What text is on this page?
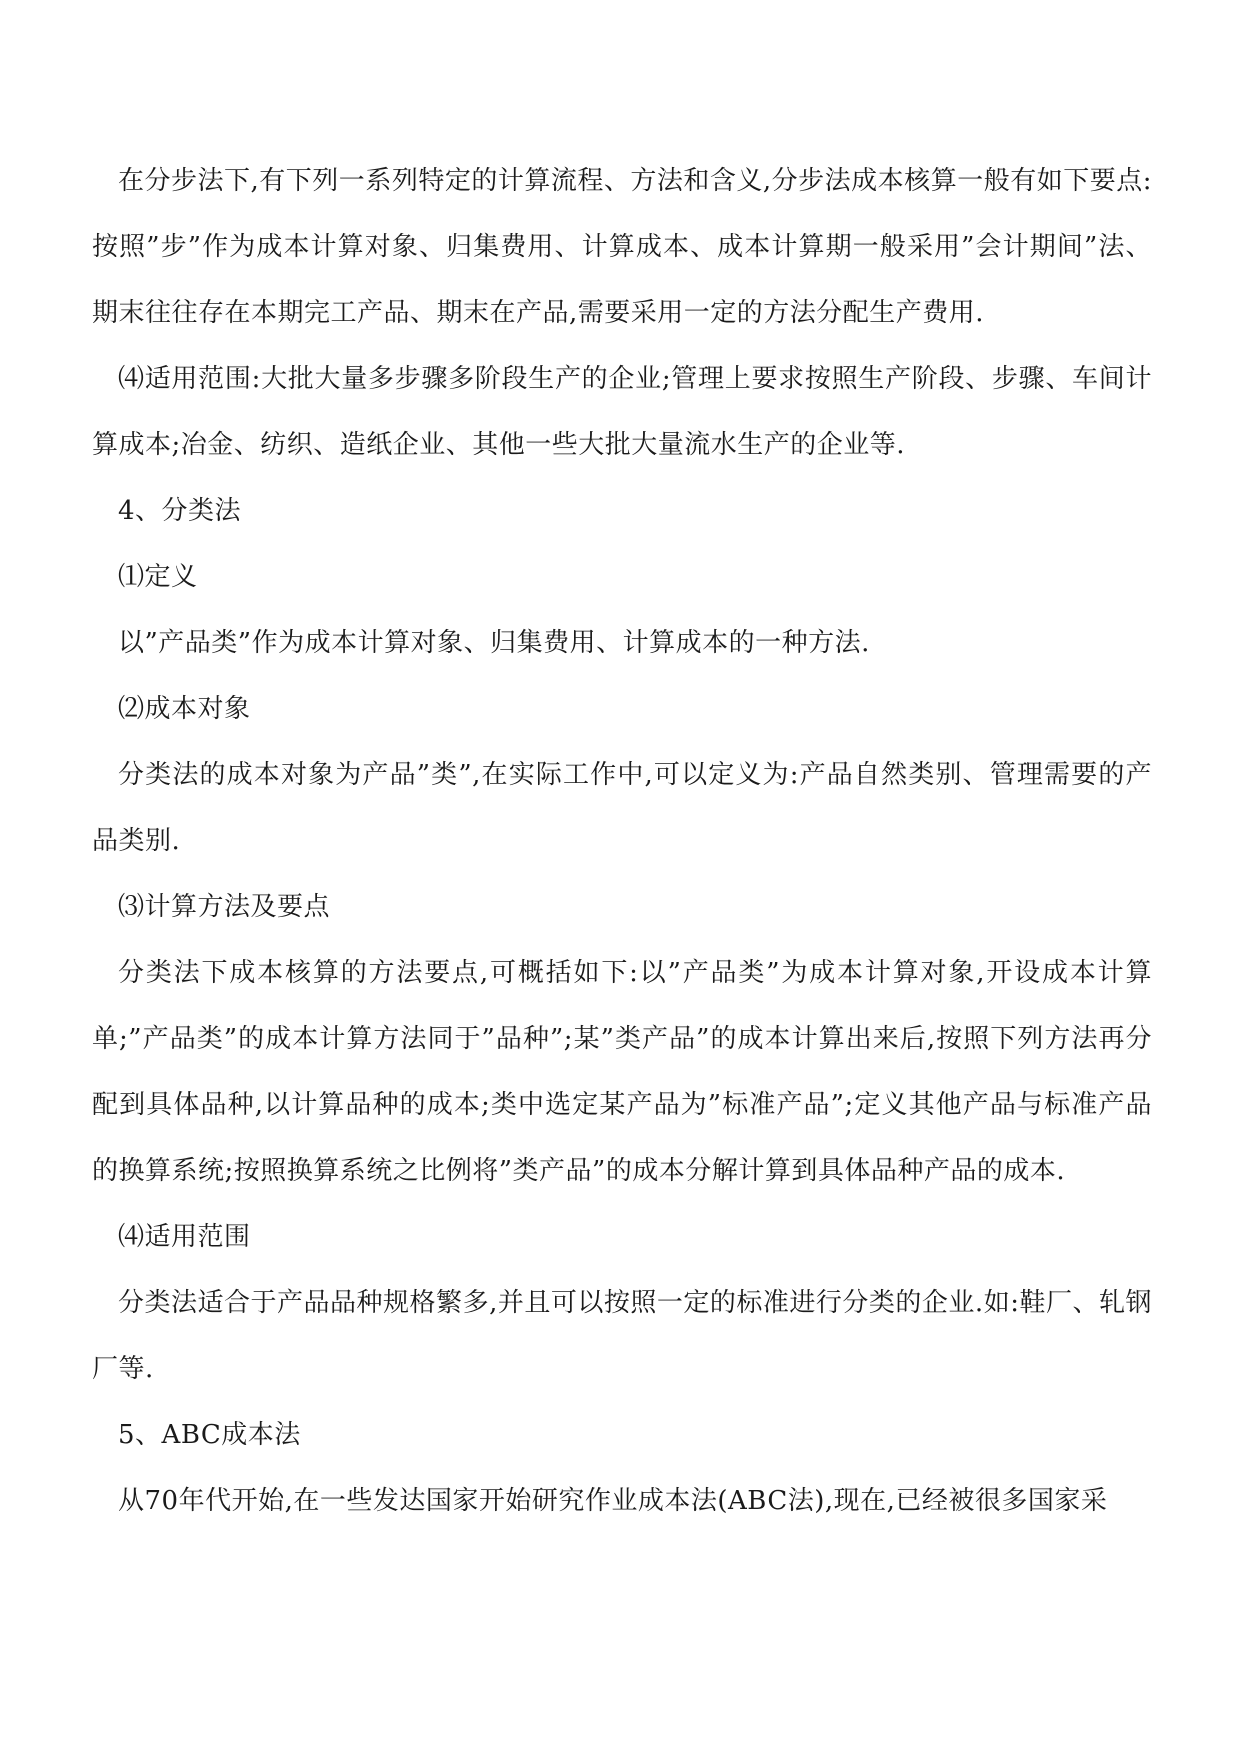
在分步法下,有下列一系列特定的计算流程、方法和含义,分步法成本核算一般有如下要点:按照”步”作为成本计算对象、归集费用、计算成本、成本计算期一般采用”会计期间”法、期末往往存在本期完工产品、期末在产品,需要采用一定的方法分配生产费用.

⑷适用范围:大批大量多步骤多阶段生产的企业;管理上要求按照生产阶段、步骤、车间计算成本;冶金、纺织、造纸企业、其他一些大批大量流水生产的企业等.

4、分类法

⑴定义

以”产品类”作为成本计算对象、归集费用、计算成本的一种方法.

⑵成本对象

分类法的成本对象为产品”类”,在实际工作中,可以定义为:产品自然类别、管理需要的产品类别.

⑶计算方法及要点

分类法下成本核算的方法要点,可概括如下:以”产品类”为成本计算对象,开设成本计算单;”产品类”的成本计算方法同于”品种”;某”类产品”的成本计算出来后,按照下列方法再分配到具体品种,以计算品种的成本;类中选定某产品为”标准产品”;定义其他产品与标准产品的换算系统;按照换算系统之比例将”类产品”的成本分解计算到具体品种产品的成本.

⑷适用范围

分类法适合于产品品种规格繁多,并且可以按照一定的标准进行分类的企业.如:鞋厂、轧钢厂等.

5、ABC成本法

从70年代开始,在一些发达国家开始研究作业成本法(ABC法),现在,已经被很多国家采
